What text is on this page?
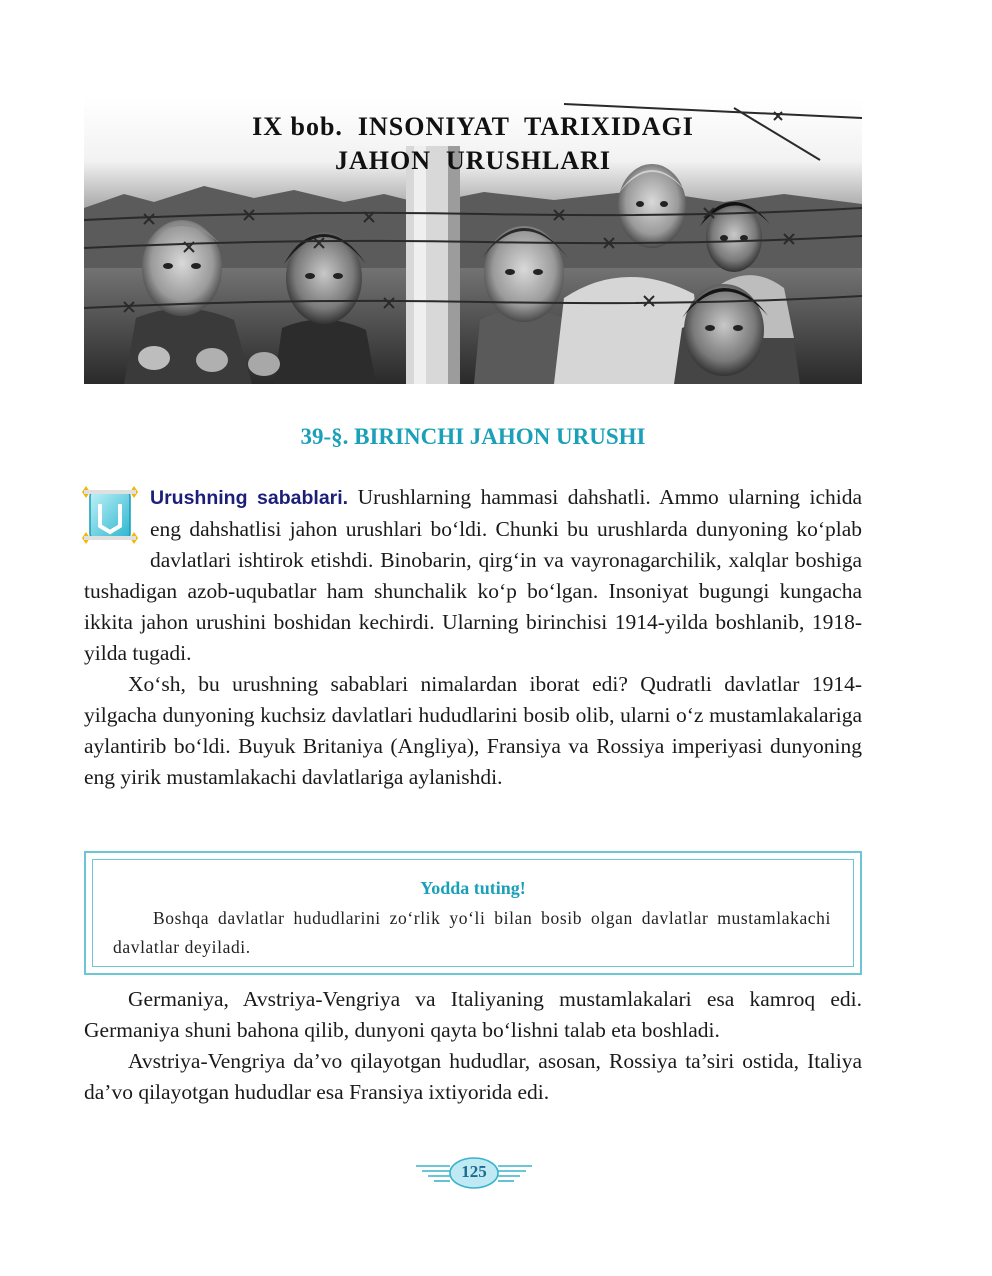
IX bob.  INSONIYAT  TARIXIDAGI
JAHON  URUSHLARI
39-§. BIRINCHI JAHON URUSHI

Urushning sabablari. Urushlarning hammasi dahshatli. Ammo ularning ichida eng dahshatlisi jahon urushlari bo‘ldi. Chunki bu urushlarda dunyoning ko‘plab davlatlari ishtirok etishdi. Binobarin, qirg‘in va vayronagarchilik, xalqlar boshiga tushadigan azob-uqubatlar ham shunchalik ko‘p bo‘lgan. Insoniyat bugungi kungacha ikkita jahon urushini boshidan kechirdi. Ularning birinchisi 1914-yilda boshlanib, 1918-yilda tugadi.

Xo‘sh, bu urushning sabablari nimalardan iborat edi? Qudratli davlatlar 1914-yilgacha dunyoning kuchsiz davlatlari hududlarini bosib olib, ularni o‘z mustamlakalariga aylantirib bo‘ldi. Buyuk Britaniya (Angliya), Fransiya va Rossiya imperiyasi dunyoning eng yirik mustamlakachi davlatlariga aylanishdi.

Yodda tuting!
Boshqa davlatlar hududlarini zo‘rlik yo‘li bilan bosib olgan davlatlar mustamlakachi davlatlar deyiladi.

Germaniya, Avstriya-Vengriya va Italiyaning mustamlakalari esa kamroq edi. Germaniya shuni bahona qilib, dunyoni qayta bo‘lishni talab eta boshladi.

Avstriya-Vengriya da’vo qilayotgan hududlar, asosan, Rossiya ta’siri ostida, Italiya da’vo qilayotgan hududlar esa Fransiya ixtiyorida edi.

125
